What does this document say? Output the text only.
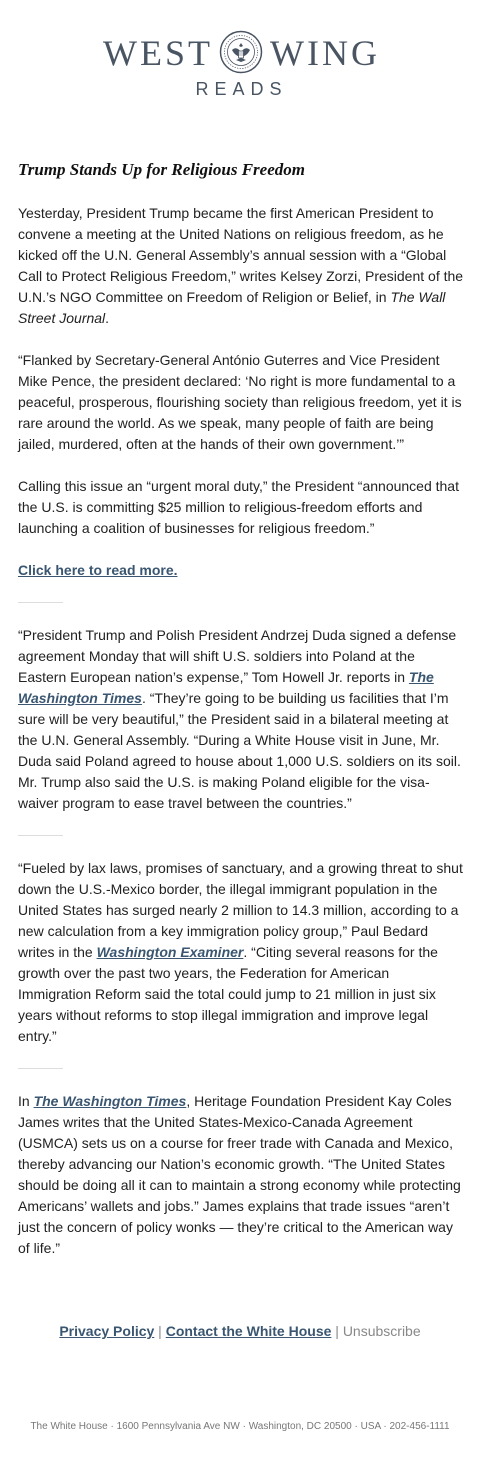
WEST WING
READS
Trump Stands Up for Religious Freedom

Yesterday, President Trump became the first American President to convene a meeting at the United Nations on religious freedom, as he kicked off the U.N. General Assembly’s annual session with a “Global Call to Protect Religious Freedom,” writes Kelsey Zorzi, President of the U.N.’s NGO Committee on Freedom of Religion or Belief, in The Wall Street Journal.

“Flanked by Secretary-General António Guterres and Vice President Mike Pence, the president declared: ‘No right is more fundamental to a peaceful, prosperous, flourishing society than religious freedom, yet it is rare around the world. As we speak, many people of faith are being jailed, murdered, often at the hands of their own government.’”

Calling this issue an “urgent moral duty,” the President “announced that the U.S. is committing $25 million to religious-freedom efforts and launching a coalition of businesses for religious freedom.”

Click here to read more.

“President Trump and Polish President Andrzej Duda signed a defense agreement Monday that will shift U.S. soldiers into Poland at the Eastern European nation’s expense,” Tom Howell Jr. reports in The Washington Times. “They’re going to be building us facilities that I’m sure will be very beautiful,” the President said in a bilateral meeting at the U.N. General Assembly. “During a White House visit in June, Mr. Duda said Poland agreed to house about 1,000 U.S. soldiers on its soil. Mr. Trump also said the U.S. is making Poland eligible for the visa-waiver program to ease travel between the countries.”

“Fueled by lax laws, promises of sanctuary, and a growing threat to shut down the U.S.-Mexico border, the illegal immigrant population in the United States has surged nearly 2 million to 14.3 million, according to a new calculation from a key immigration policy group,” Paul Bedard writes in the Washington Examiner. “Citing several reasons for the growth over the past two years, the Federation for American Immigration Reform said the total could jump to 21 million in just six years without reforms to stop illegal immigration and improve legal entry.”

In The Washington Times, Heritage Foundation President Kay Coles James writes that the United States-Mexico-Canada Agreement (USMCA) sets us on a course for freer trade with Canada and Mexico, thereby advancing our Nation’s economic growth. “The United States should be doing all it can to maintain a strong economy while protecting Americans’ wallets and jobs.” James explains that trade issues “aren’t just the concern of policy wonks — they’re critical to the American way of life.”

Privacy Policy | Contact the White House | Unsubscribe
The White House · 1600 Pennsylvania Ave NW · Washington, DC 20500 · USA · 202-456-1111
